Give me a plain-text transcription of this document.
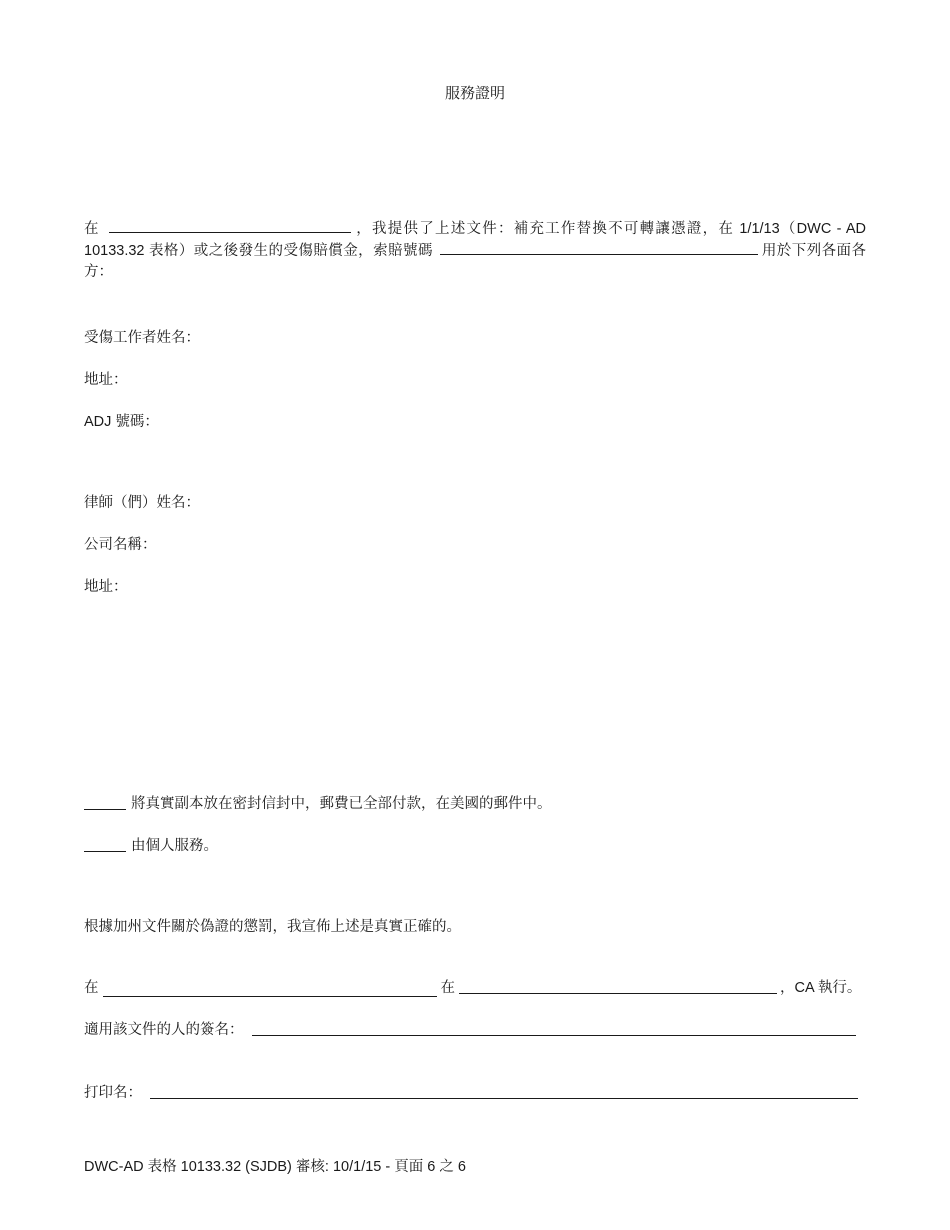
服務證明
在	，我提供了上述文件：補充工作替換不可轉讓憑證，在 1/1/13（DWC - AD 10133.32 表格）或之後發生的受傷賠償金，索賠號碼	用於下列各面各方：
受傷工作者姓名：
地址：
ADJ 號碼：
律師（們）姓名：
公司名稱：
地址：
將真實副本放在密封信封中，郵費已全部付款，在美國的郵件中。
由個人服務。
根據加州文件關於偽證的懲罰，我宣佈上述是真實正確的。
在	在	，CA 執行。
適用該文件的人的簽名：
打印名：
DWC-AD 表格 10133.32 (SJDB) 審核: 10/1/15 - 頁面 6 之 6
